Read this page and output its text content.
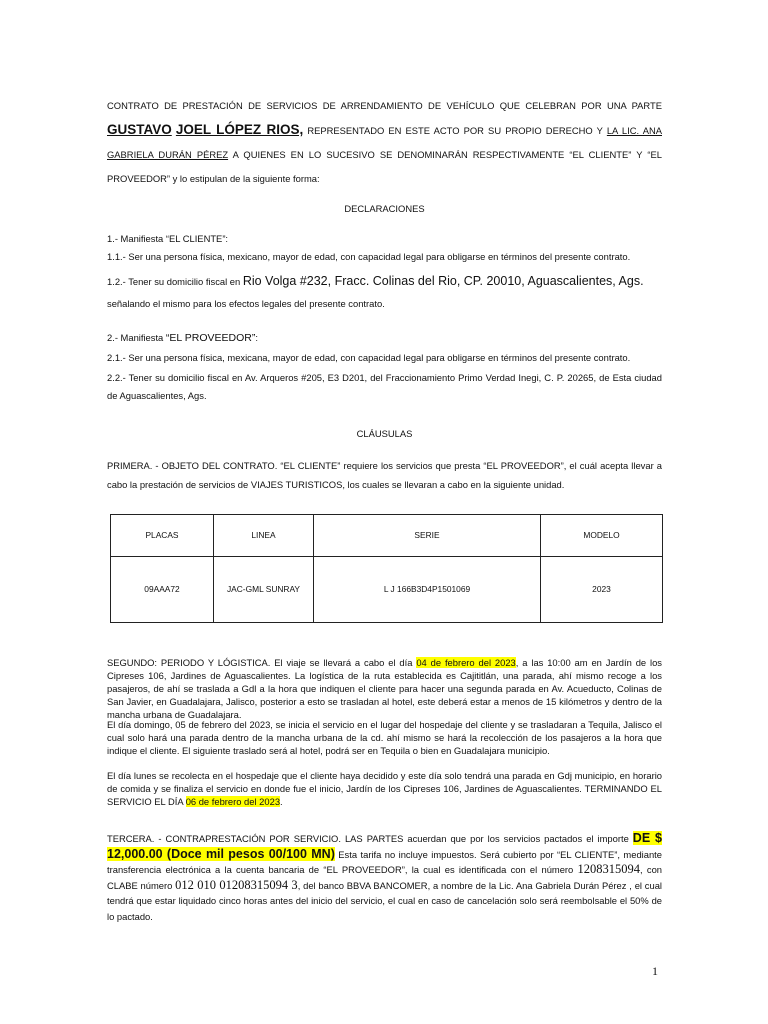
CONTRATO DE PRESTACIÓN DE SERVICIOS DE ARRENDAMIENTO DE VEHÍCULO QUE CELEBRAN POR UNA PARTE GUSTAVO JOEL LÓPEZ RIOS, REPRESENTADO EN ESTE ACTO POR SU PROPIO DERECHO Y LA LIC. ANA GABRIELA DURÁN PÉREZ A QUIENES EN LO SUCESIVO SE DENOMINARÁN RESPECTIVAMENTE “EL CLIENTE” Y “EL PROVEEDOR” y lo estipulan de la siguiente forma:
DECLARACIONES
1.- Manifiesta “EL CLIENTE”:
1.1.- Ser una persona física, mexicano, mayor de edad, con capacidad legal para obligarse en términos del presente contrato.
1.2.- Tener su domicilio fiscal en Rio Volga #232, Fracc. Colinas del Rio, CP. 20010, Aguascalientes, Ags.
señalando el mismo para los efectos legales del presente contrato.
2.- Manifiesta “EL PROVEEDOR”:
2.1.- Ser una persona física, mexicana, mayor de edad, con capacidad legal para obligarse en términos del presente contrato.
2.2.- Tener su domicilio fiscal en Av. Arqueros #205, E3 D201, del Fraccionamiento Primo Verdad Inegi, C. P. 20265, de Esta ciudad de Aguascalientes, Ags.
CLÁUSULAS
PRIMERA. - OBJETO DEL CONTRATO. “EL CLIENTE” requiere los servicios que presta “EL PROVEEDOR”, el cuál acepta llevar a cabo la prestación de servicios de VIAJES TURISTICOS, los cuales se llevaran a cabo en la siguiente unidad.
PLACAS	LINEA	SERIE	MODELO
09AAA72	JAC-GML SUNRAY	L J 166B3D4P1501069	2023
SEGUNDO: PERIODO Y LÓGISTICA. El viaje se llevará a cabo el día 04 de febrero del 2023, a las 10:00 am en Jardín de los Cipreses 106, Jardines de Aguascalientes. La logística de la ruta establecida es Cajititlán, una parada, ahí mismo recoge a los pasajeros, de ahí se traslada a Gdl a la hora que indiquen el cliente para hacer una segunda parada en Av. Acueducto, Colinas de San Javier, en Guadalajara, Jalisco, posterior a esto se trasladan al hotel, este deberá estar a menos de 15 kilómetros y dentro de la mancha urbana de Guadalajara.
El día domingo, 05 de febrero del 2023, se inicia el servicio en el lugar del hospedaje del cliente y se trasladaran a Tequila, Jalisco el cual solo hará una parada dentro de la mancha urbana de la cd. ahí mismo se hará la recolección de los pasajeros a la hora que indique el cliente. El siguiente traslado será al hotel, podrá ser en Tequila o bien en Guadalajara municipio.
El día lunes se recolecta en el hospedaje que el cliente haya decidido y este día solo tendrá una parada en Gdj municipio, en horario de comida y se finaliza el servicio en donde fue el inicio, Jardín de los Cipreses 106, Jardines de Aguascalientes. TERMINANDO EL SERVICIO EL DÍA 06 de febrero del 2023.
TERCERA. - CONTRAPRESTACIÓN POR SERVICIO. LAS PARTES acuerdan que por los servicios pactados el importe DE $ 12,000.00 (Doce mil pesos 00/100 MN) Esta tarifa no incluye impuestos. Será cubierto por “EL CLIENTE”, mediante transferencia electrónica a la cuenta bancaria de “EL PROVEEDOR”, la cual es identificada con el número 1208315094, con CLABE número 012 010 01208315094 3, del banco BBVA BANCOMER, a nombre de la Lic. Ana Gabriela Durán Pérez , el cual tendrá que estar liquidado cinco horas antes del inicio del servicio, el cual en caso de cancelación solo será reembolsable el 50% de lo pactado.
1
